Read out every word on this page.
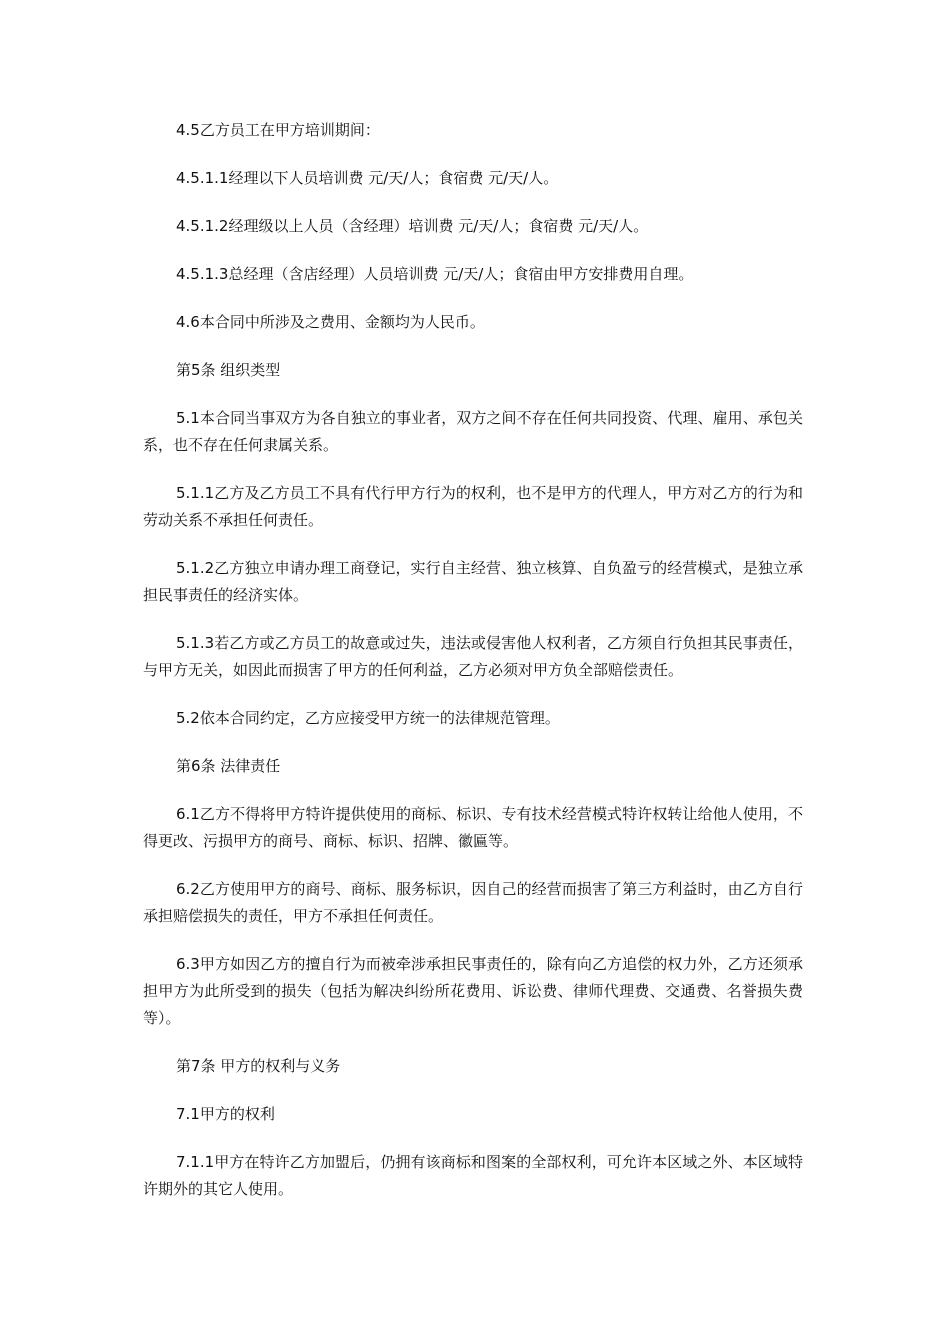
4.5乙方员工在甲方培训期间：

4.5.1.1经理以下人员培训费 元/天/人；食宿费 元/天/人。

4.5.1.2经理级以上人员（含经理）培训费 元/天/人；食宿费 元/天/人。

4.5.1.3总经理（含店经理）人员培训费 元/天/人；食宿由甲方安排费用自理。

4.6本合同中所涉及之费用、金额均为人民币。

第5条 组织类型

5.1本合同当事双方为各自独立的事业者，双方之间不存在任何共同投资、代理、雇用、承包关系，也不存在任何隶属关系。

5.1.1乙方及乙方员工不具有代行甲方行为的权利，也不是甲方的代理人，甲方对乙方的行为和劳动关系不承担任何责任。

5.1.2乙方独立申请办理工商登记，实行自主经营、独立核算、自负盈亏的经营模式，是独立承担民事责任的经济实体。

5.1.3若乙方或乙方员工的故意或过失，违法或侵害他人权利者，乙方须自行负担其民事责任，与甲方无关，如因此而损害了甲方的任何利益，乙方必须对甲方负全部赔偿责任。

5.2依本合同约定，乙方应接受甲方统一的法律规范管理。

第6条 法律责任

6.1乙方不得将甲方特许提供使用的商标、标识、专有技术经营模式特许权转让给他人使用，不得更改、污损甲方的商号、商标、标识、招牌、徽匾等。

6.2乙方使用甲方的商号、商标、服务标识，因自己的经营而损害了第三方利益时，由乙方自行承担赔偿损失的责任，甲方不承担任何责任。

6.3甲方如因乙方的擅自行为而被牵涉承担民事责任的，除有向乙方追偿的权力外，乙方还须承担甲方为此所受到的损失（包括为解决纠纷所花费用、诉讼费、律师代理费、交通费、名誉损失费等）。

第7条 甲方的权利与义务

7.1甲方的权利

7.1.1甲方在特许乙方加盟后，仍拥有该商标和图案的全部权利，可允许本区域之外、本区域特许期外的其它人使用。
